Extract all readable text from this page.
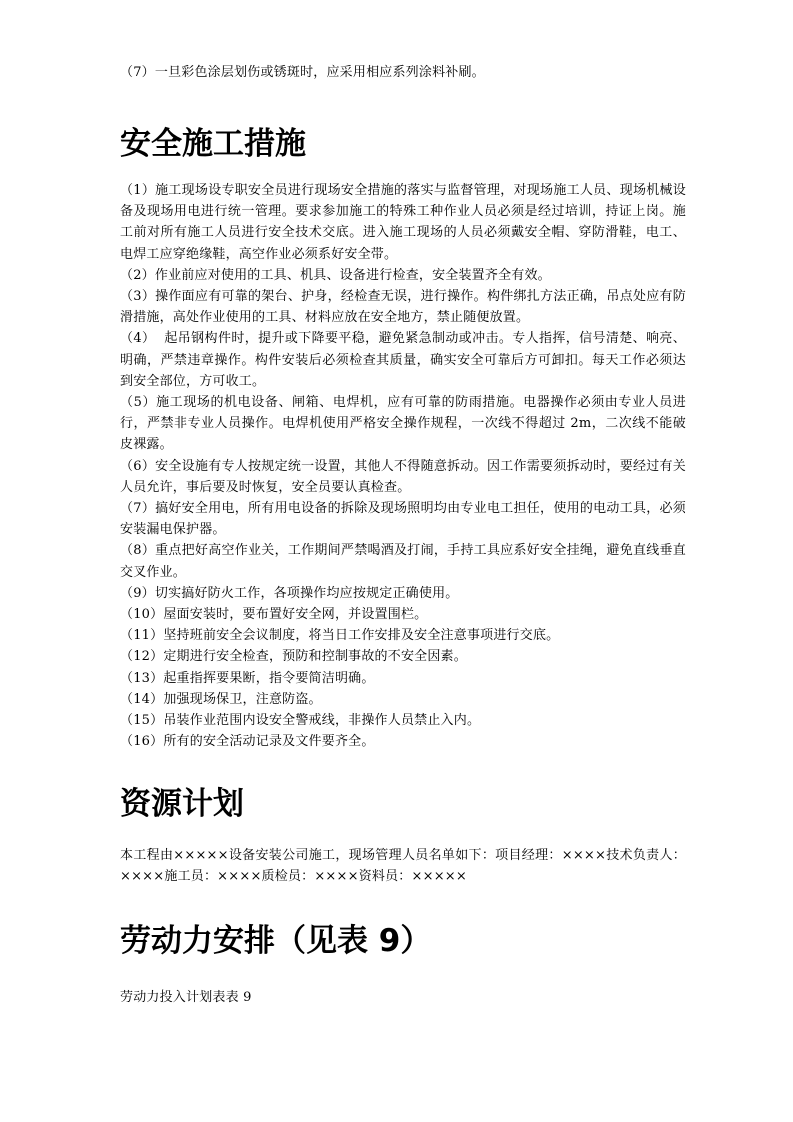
（7）一旦彩色涂层划伤或锈斑时，应采用相应系列涂料补刷。

安全施工措施

（1）施工现场设专职安全员进行现场安全措施的落实与监督管理，对现场施工人员、现场机械设备及现场用电进行统一管理。要求参加施工的特殊工种作业人员必须是经过培训，持证上岗。施工前对所有施工人员进行安全技术交底。进入施工现场的人员必须戴安全帽、穿防滑鞋，电工、电焊工应穿绝缘鞋，高空作业必须系好安全带。

（2）作业前应对使用的工具、机具、设备进行检查，安全装置齐全有效。

（3）操作面应有可靠的架台、护身，经检查无误，进行操作。构件绑扎方法正确，吊点处应有防滑措施，高处作业使用的工具、材料应放在安全地方，禁止随便放置。

（4）  起吊钢构件时，提升或下降要平稳，避免紧急制动或冲击。专人指挥，信号清楚、响亮、明确，严禁违章操作。构件安装后必须检查其质量，确实安全可靠后方可卸扣。每天工作必须达到安全部位，方可收工。

（5）施工现场的机电设备、闸箱、电焊机，应有可靠的防雨措施。电器操作必须由专业人员进行，严禁非专业人员操作。电焊机使用严格安全操作规程，一次线不得超过 2m，二次线不能破皮裸露。

（6）安全设施有专人按规定统一设置，其他人不得随意拆动。因工作需要须拆动时，要经过有关人员允许，事后要及时恢复，安全员要认真检查。

（7）搞好安全用电，所有用电设备的拆除及现场照明均由专业电工担任，使用的电动工具，必须安装漏电保护器。

（8）重点把好高空作业关，工作期间严禁喝酒及打闹，手持工具应系好安全挂绳，避免直线垂直交叉作业。

（9）切实搞好防火工作，各项操作均应按规定正确使用。

（10）屋面安装时，要布置好安全网，并设置围栏。

（11）坚持班前安全会议制度，将当日工作安排及安全注意事项进行交底。

（12）定期进行安全检查，预防和控制事故的不安全因素。

（13）起重指挥要果断，指令要简洁明确。

（14）加强现场保卫，注意防盗。

（15）吊装作业范围内设安全警戒线，非操作人员禁止入内。

（16）所有的安全活动记录及文件要齐全。

资源计划

本工程由×××××设备安装公司施工，现场管理人员名单如下：项目经理：××××技术负责人：××××施工员：××××质检员：××××资料员：×××××

劳动力安排（见表 9）

劳动力投入计划表表 9
